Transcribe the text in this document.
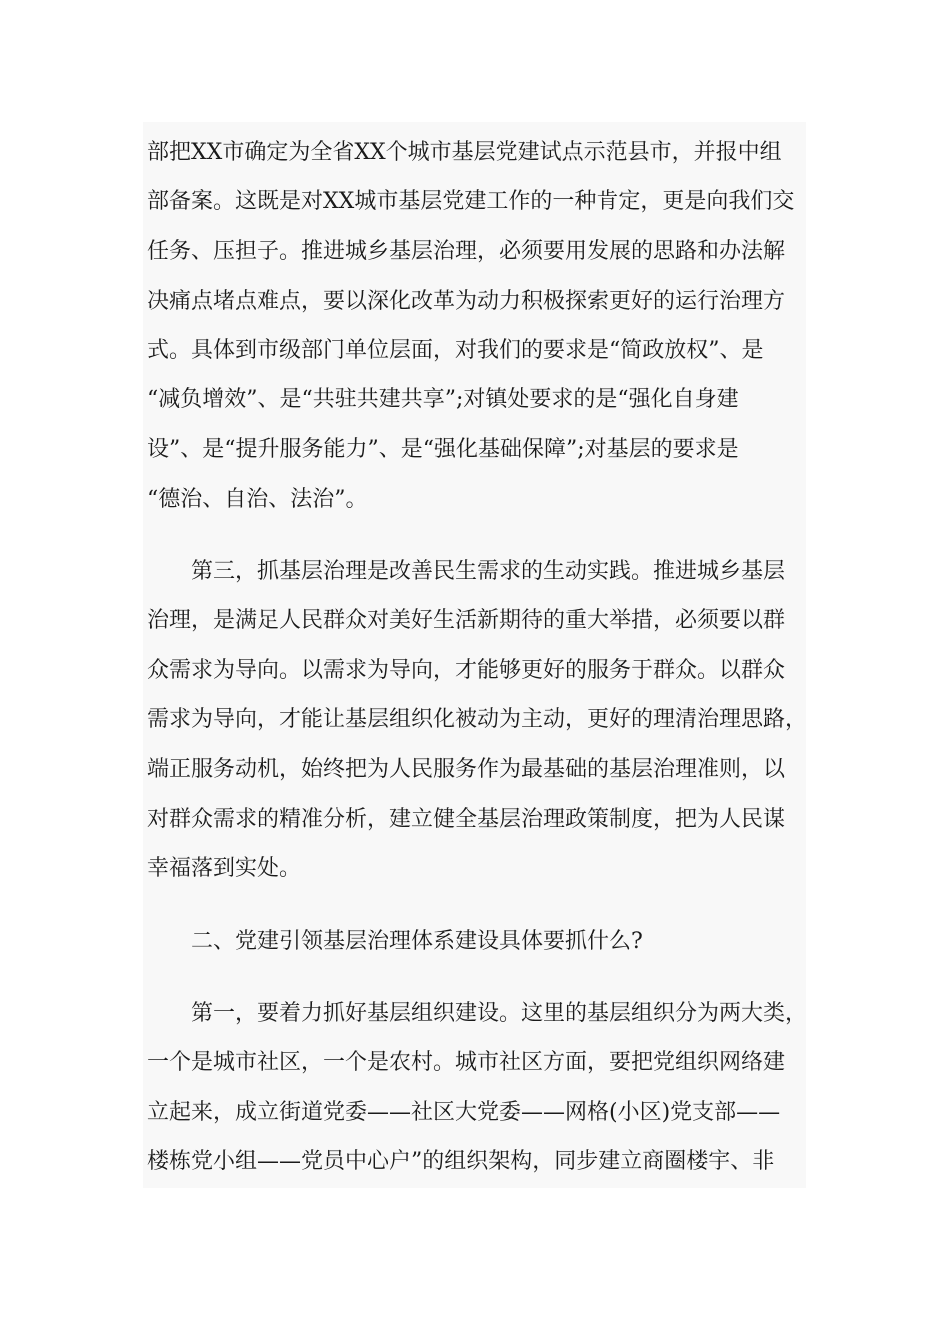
部把XX市确定为全省XX个城市基层党建试点示范县市，并报中组
部备案。这既是对XX城市基层党建工作的一种肯定，更是向我们交
任务、压担子。推进城乡基层治理，必须要用发展的思路和办法解
决痛点堵点难点，要以深化改革为动力积极探索更好的运行治理方
式。具体到市级部门单位层面，对我们的要求是“简政放权”、是
“减负增效”、是“共驻共建共享”;对镇处要求的是“强化自身建
设”、是“提升服务能力”、是“强化基础保障”;对基层的要求是
“德治、自治、法治”。
第三，抓基层治理是改善民生需求的生动实践。推进城乡基层
治理，是满足人民群众对美好生活新期待的重大举措，必须要以群
众需求为导向。以需求为导向，才能够更好的服务于群众。以群众
需求为导向，才能让基层组织化被动为主动，更好的理清治理思路，
端正服务动机，始终把为人民服务作为最基础的基层治理准则，以
对群众需求的精准分析，建立健全基层治理政策制度，把为人民谋
幸福落到实处。
二、党建引领基层治理体系建设具体要抓什么?
第一，要着力抓好基层组织建设。这里的基层组织分为两大类，
一个是城市社区，一个是农村。城市社区方面，要把党组织网络建
立起来，成立街道党委——社区大党委——网格(小区)党支部——
楼栋党小组——党员中心户”的组织架构，同步建立商圈楼宇、非
